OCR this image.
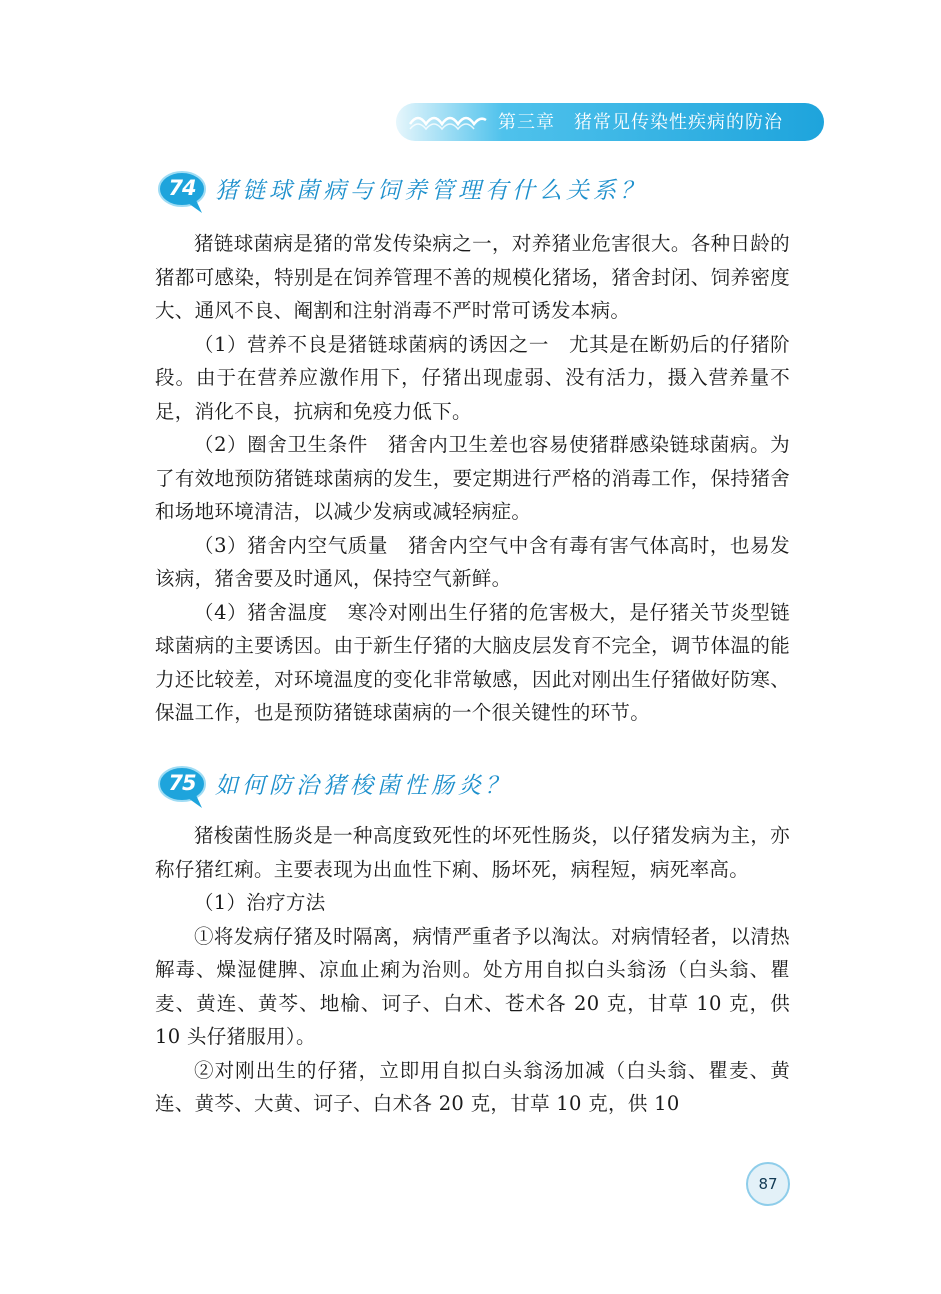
第三章　猪常见传染性疾病的防治
74 猪链球菌病与饲养管理有什么关系？

猪链球菌病是猪的常发传染病之一，对养猪业危害很大。各种日龄的猪都可感染，特别是在饲养管理不善的规模化猪场，猪舍封闭、饲养密度大、通风不良、阉割和注射消毒不严时常可诱发本病。

（1）营养不良是猪链球菌病的诱因之一　尤其是在断奶后的仔猪阶段。由于在营养应激作用下，仔猪出现虚弱、没有活力，摄入营养量不足，消化不良，抗病和免疫力低下。

（2）圈舍卫生条件　猪舍内卫生差也容易使猪群感染链球菌病。为了有效地预防猪链球菌病的发生，要定期进行严格的消毒工作，保持猪舍和场地环境清洁，以减少发病或减轻病症。

（3）猪舍内空气质量　猪舍内空气中含有毒有害气体高时，也易发该病，猪舍要及时通风，保持空气新鲜。

（4）猪舍温度　寒冷对刚出生仔猪的危害极大，是仔猪关节炎型链球菌病的主要诱因。由于新生仔猪的大脑皮层发育不完全，调节体温的能力还比较差，对环境温度的变化非常敏感，因此对刚出生仔猪做好防寒、保温工作，也是预防猪链球菌病的一个很关键性的环节。

75 如何防治猪梭菌性肠炎？

猪梭菌性肠炎是一种高度致死性的坏死性肠炎，以仔猪发病为主，亦称仔猪红痢。主要表现为出血性下痢、肠坏死，病程短，病死率高。

（1）治疗方法

①将发病仔猪及时隔离，病情严重者予以淘汰。对病情轻者，以清热解毒、燥湿健脾、凉血止痢为治则。处方用自拟白头翁汤（白头翁、瞿麦、黄连、黄芩、地榆、诃子、白术、苍术各 20 克，甘草 10 克，供 10 头仔猪服用）。

②对刚出生的仔猪，立即用自拟白头翁汤加减（白头翁、瞿麦、黄连、黄芩、大黄、诃子、白术各 20 克，甘草 10 克，供 10

87
